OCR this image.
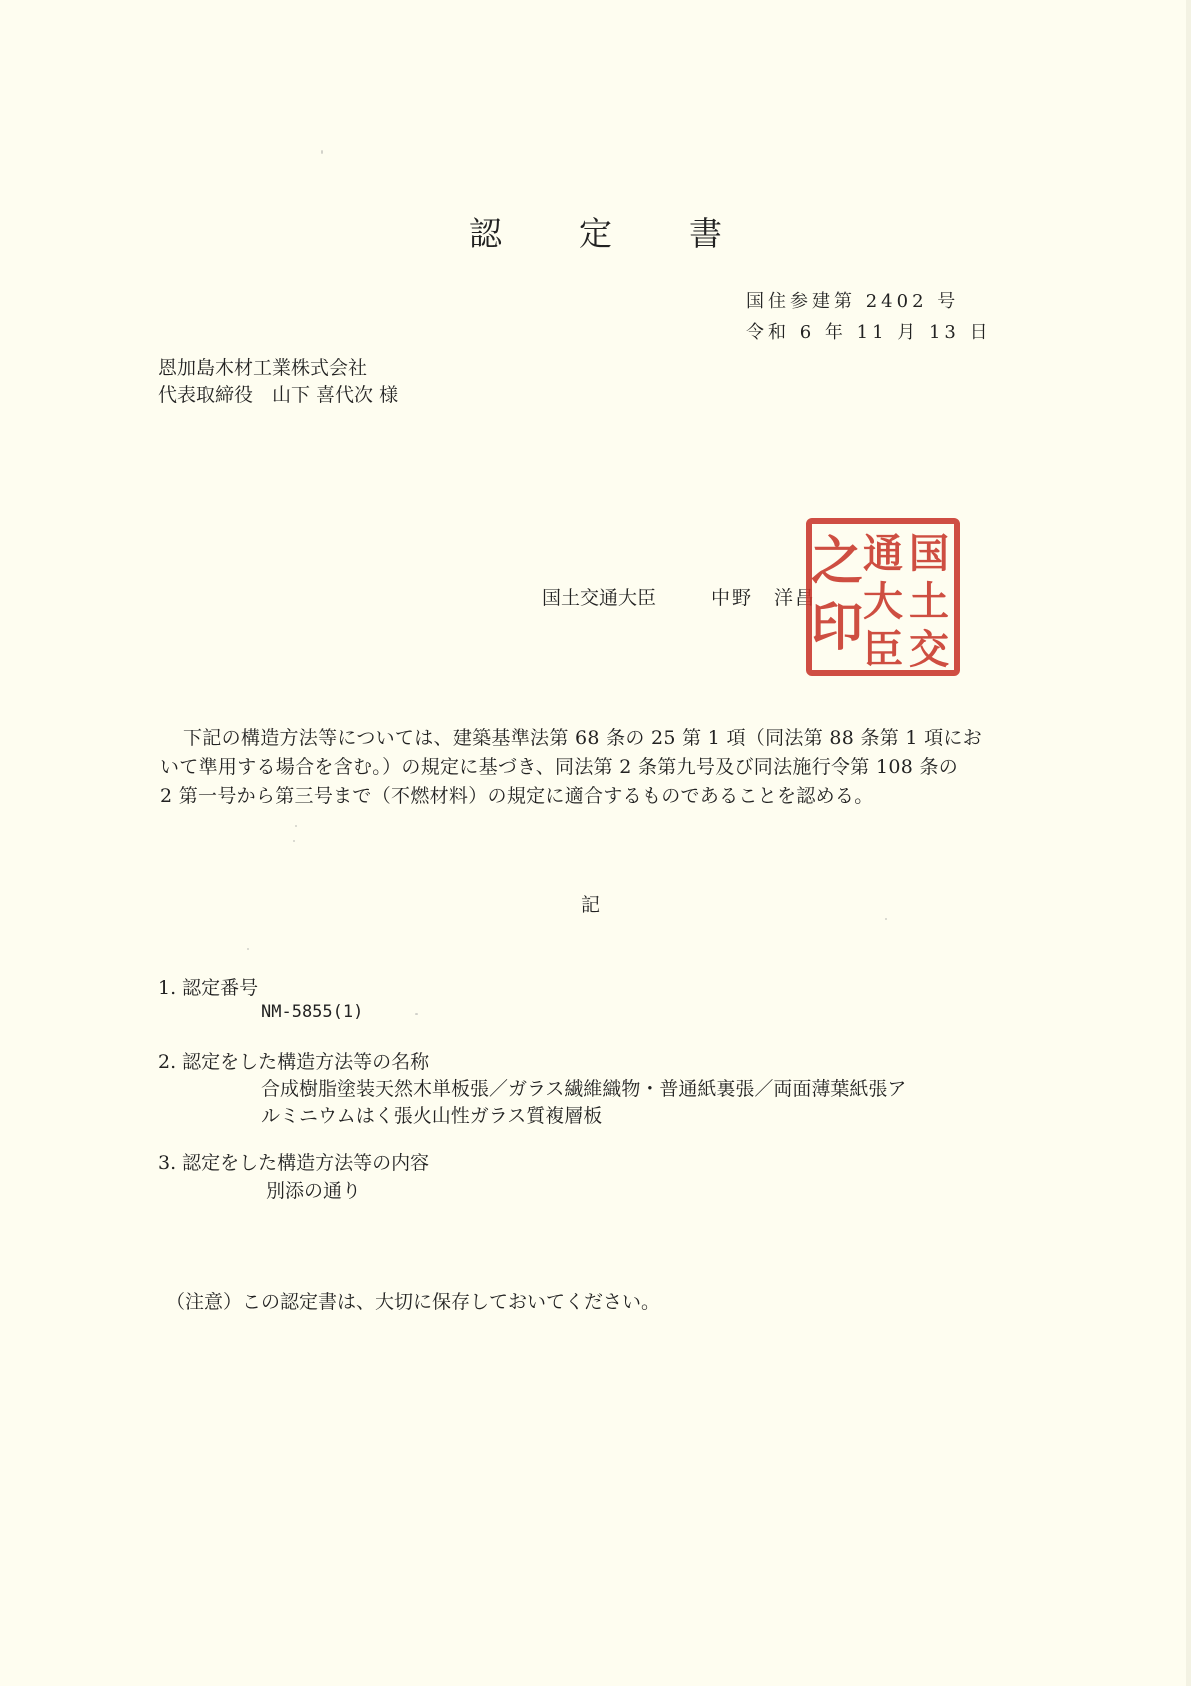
認　定　書
国住参建第 2402 号
令和 6 年 11 月 13 日
恩加島木材工業株式会社
代表取締役　山下 喜代次 様
国土交通大臣	中野　洋昌
国
土
交
通
大
臣
之
印
下記の構造方法等については、建築基準法第 68 条の 25 第 1 項（同法第 88 条第 1 項にお
いて準用する場合を含む。）の規定に基づき、同法第 2 条第九号及び同法施行令第 108 条の
2 第一号から第三号まで（不燃材料）の規定に適合するものであることを認める。
記
1. 認定番号
NM-5855(1)
2. 認定をした構造方法等の名称
合成樹脂塗装天然木単板張／ガラス繊維織物・普通紙裏張／両面薄葉紙張ア
ルミニウムはく張火山性ガラス質複層板
3. 認定をした構造方法等の内容
別添の通り
（注意）この認定書は、大切に保存しておいてください。
